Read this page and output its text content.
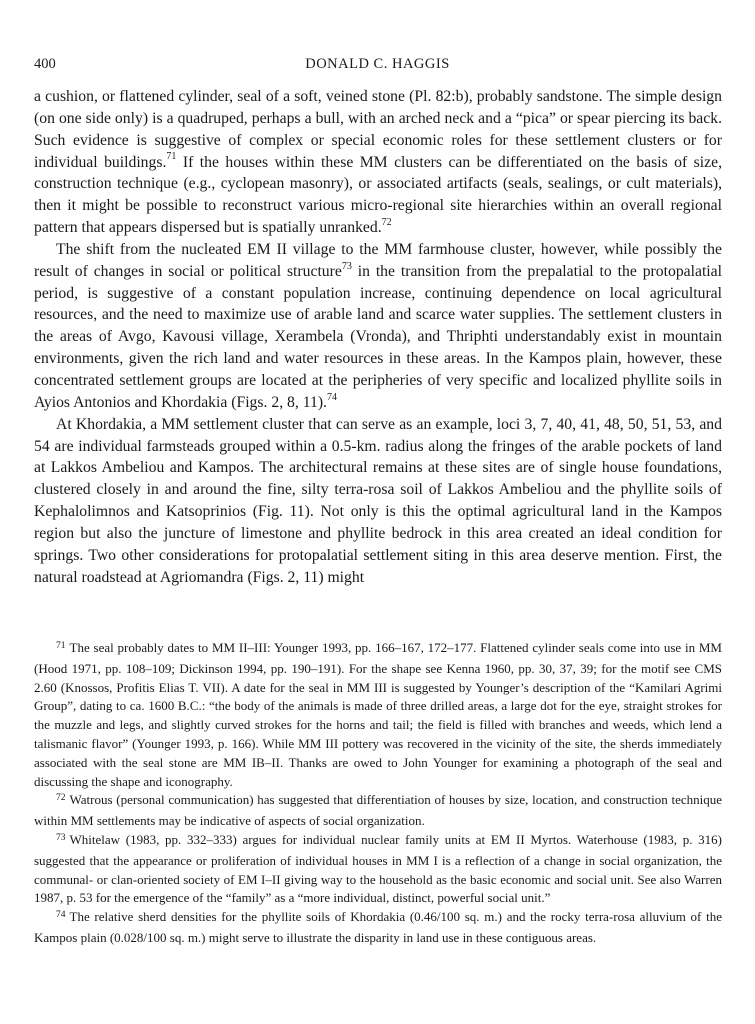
400	DONALD C. HAGGIS

a cushion, or flattened cylinder, seal of a soft, veined stone (Pl. 82:b), probably sandstone. The simple design (on one side only) is a quadruped, perhaps a bull, with an arched neck and a “pica” or spear piercing its back. Such evidence is suggestive of complex or special economic roles for these settlement clusters or for individual buildings.$^{71}$ If the houses within these MM clusters can be differentiated on the basis of size, construction technique (e.g., cyclopean masonry), or associated artifacts (seals, sealings, or cult materials), then it might be possible to reconstruct various micro-regional site hierarchies within an overall regional pattern that appears dispersed but is spatially unranked.$^{72}$

The shift from the nucleated EM II village to the MM farmhouse cluster, however, while possibly the result of changes in social or political structure$^{73}$ in the transition from the prepalatial to the protopalatial period, is suggestive of a constant population increase, continuing dependence on local agricultural resources, and the need to maximize use of arable land and scarce water supplies. The settlement clusters in the areas of Avgo, Kavousi village, Xerambela (Vronda), and Thriphti understandably exist in mountain environments, given the rich land and water resources in these areas. In the Kampos plain, however, these concentrated settlement groups are located at the peripheries of very specific and localized phyllite soils in Ayios Antonios and Khordakia (Figs. 2, 8, 11).$^{74}$

At Khordakia, a MM settlement cluster that can serve as an example, loci 3, 7, 40, 41, 48, 50, 51, 53, and 54 are individual farmsteads grouped within a 0.5-km. radius along the fringes of the arable pockets of land at Lakkos Ambeliou and Kampos. The architectural remains at these sites are of single house foundations, clustered closely in and around the fine, silty terra-rosa soil of Lakkos Ambeliou and the phyllite soils of Kephalolimnos and Katsoprinios (Fig. 11). Not only is this the optimal agricultural land in the Kampos region but also the juncture of limestone and phyllite bedrock in this area created an ideal condition for springs. Two other considerations for protopalatial settlement siting in this area deserve mention. First, the natural roadstead at Agriomandra (Figs. 2, 11) might

$^{71}$ The seal probably dates to MM II–III: Younger 1993, pp. 166–167, 172–177. Flattened cylinder seals come into use in MM (Hood 1971, pp. 108–109; Dickinson 1994, pp. 190–191). For the shape see Kenna 1960, pp. 30, 37, 39; for the motif see CMS 2.60 (Knossos, Profitis Elias T. VII). A date for the seal in MM III is suggested by Younger’s description of the “Kamilari Agrimi Group”, dating to ca. 1600 B.C.: “the body of the animals is made of three drilled areas, a large dot for the eye, straight strokes for the muzzle and legs, and slightly curved strokes for the horns and tail; the field is filled with branches and weeds, which lend a talismanic flavor” (Younger 1993, p. 166). While MM III pottery was recovered in the vicinity of the site, the sherds immediately associated with the seal stone are MM IB–II. Thanks are owed to John Younger for examining a photograph of the seal and discussing the shape and iconography.

$^{72}$ Watrous (personal communication) has suggested that differentiation of houses by size, location, and construction technique within MM settlements may be indicative of aspects of social organization.

$^{73}$ Whitelaw (1983, pp. 332–333) argues for individual nuclear family units at EM II Myrtos. Waterhouse (1983, p. 316) suggested that the appearance or proliferation of individual houses in MM I is a reflection of a change in social organization, the communal- or clan-oriented society of EM I–II giving way to the household as the basic economic and social unit. See also Warren 1987, p. 53 for the emergence of the “family” as a “more individual, distinct, powerful social unit.”

$^{74}$ The relative sherd densities for the phyllite soils of Khordakia (0.46/100 sq. m.) and the rocky terra-rosa alluvium of the Kampos plain (0.028/100 sq. m.) might serve to illustrate the disparity in land use in these contiguous areas.
